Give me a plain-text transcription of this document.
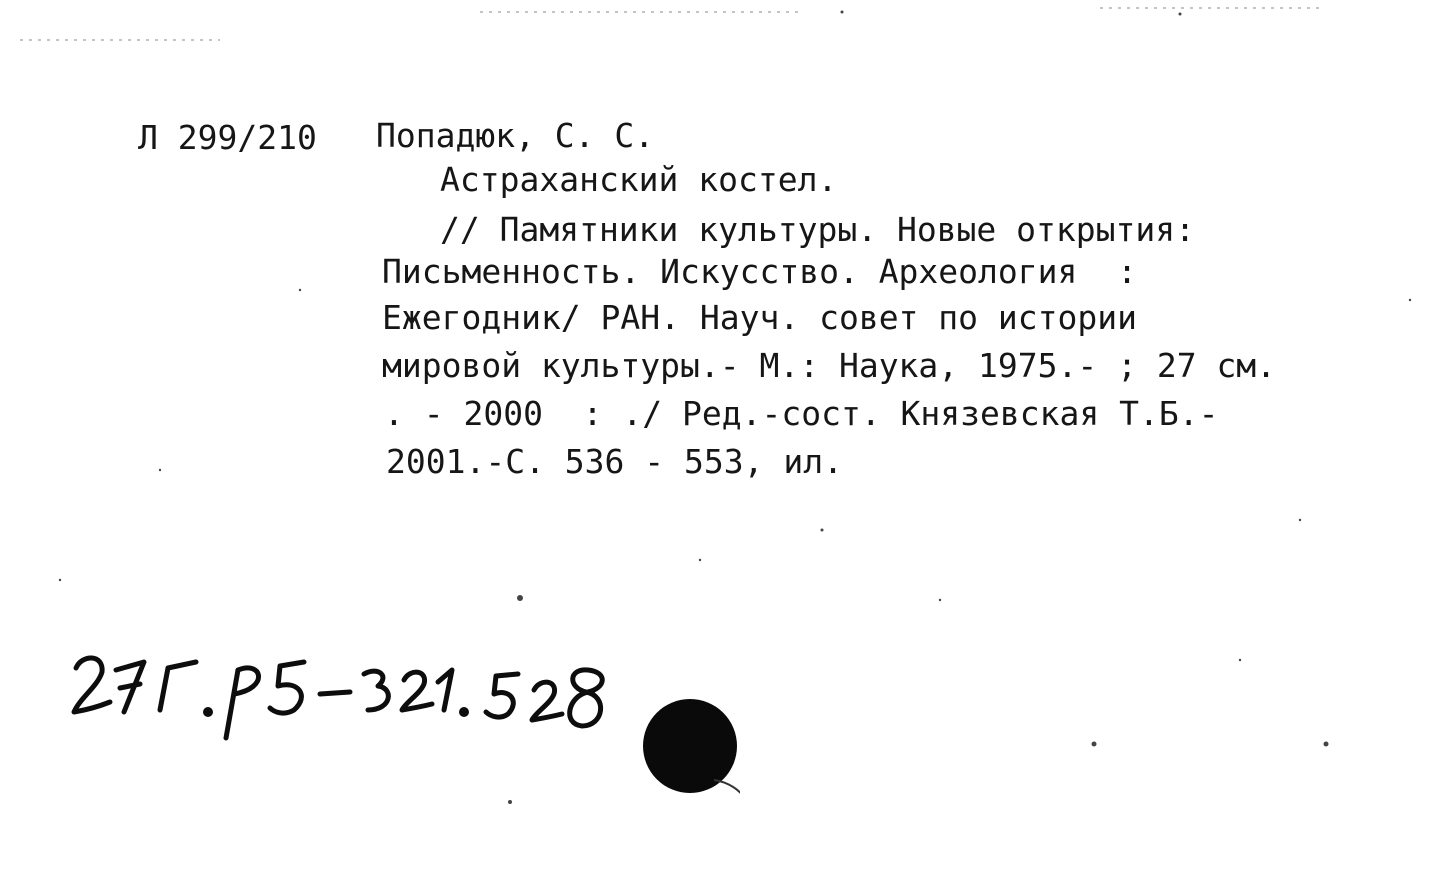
Л 299/210 Попадюк, С. С.
Астраханский костел.
// Памятники культуры. Новые открытия:
Письменность. Искусство. Археология  :
Ежегодник/ РАН. Науч. совет по истории
мировой культуры.- М.: Наука, 1975.- ; 27 см.
. - 2000  : ./ Ред.-сост. Князевская Т.Б.-
2001.-С. 536 - 553, ил.
